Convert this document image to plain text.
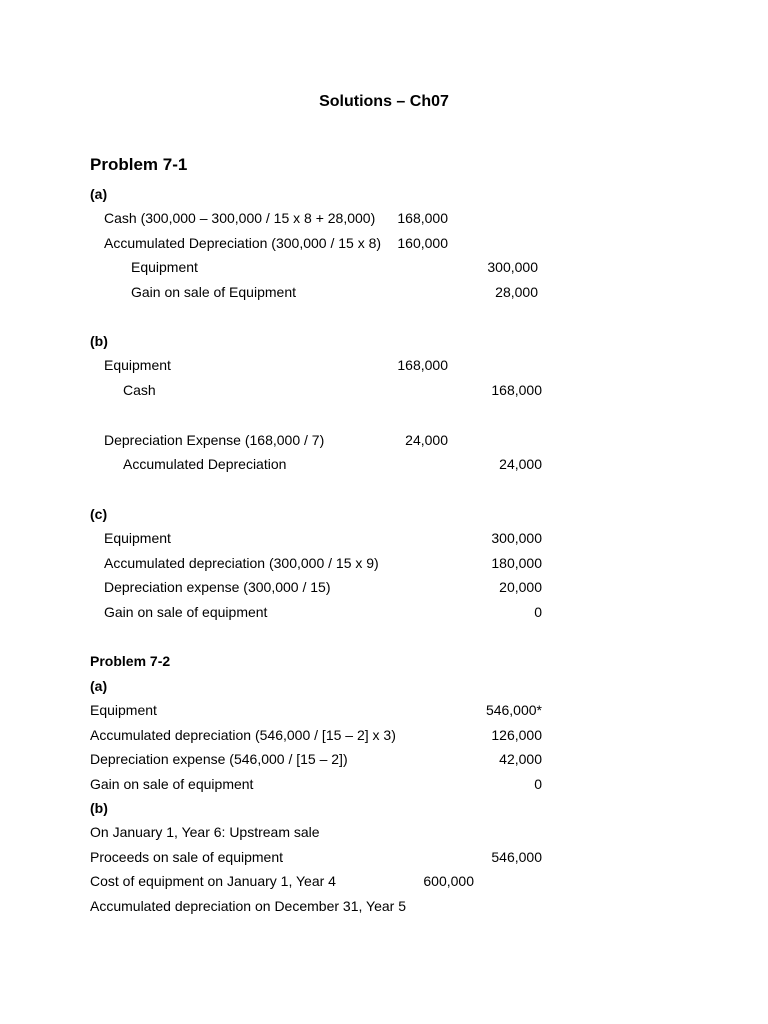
Solutions – Ch07
Problem 7-1
(a)
Cash (300,000 – 300,000 / 15 x 8 + 28,000)	168,000
Accumulated Depreciation (300,000 / 15 x 8)	160,000
Equipment	300,000
Gain on sale of Equipment	28,000
(b)
Equipment	168,000
Cash	168,000
Depreciation Expense (168,000 / 7)	24,000
Accumulated Depreciation	24,000
(c)
Equipment	300,000
Accumulated depreciation (300,000 / 15 x 9)	180,000
Depreciation expense (300,000 / 15)	20,000
Gain on sale of equipment	0
Problem 7-2
(a)
Equipment	546,000*
Accumulated depreciation (546,000 / [15 – 2] x 3)	126,000
Depreciation expense (546,000 / [15 – 2])	42,000
Gain on sale of equipment	0
(b)
On January 1, Year 6: Upstream sale
Proceeds on sale of equipment	546,000
Cost of equipment on January 1, Year 4	600,000
Accumulated depreciation on December 31, Year 5
